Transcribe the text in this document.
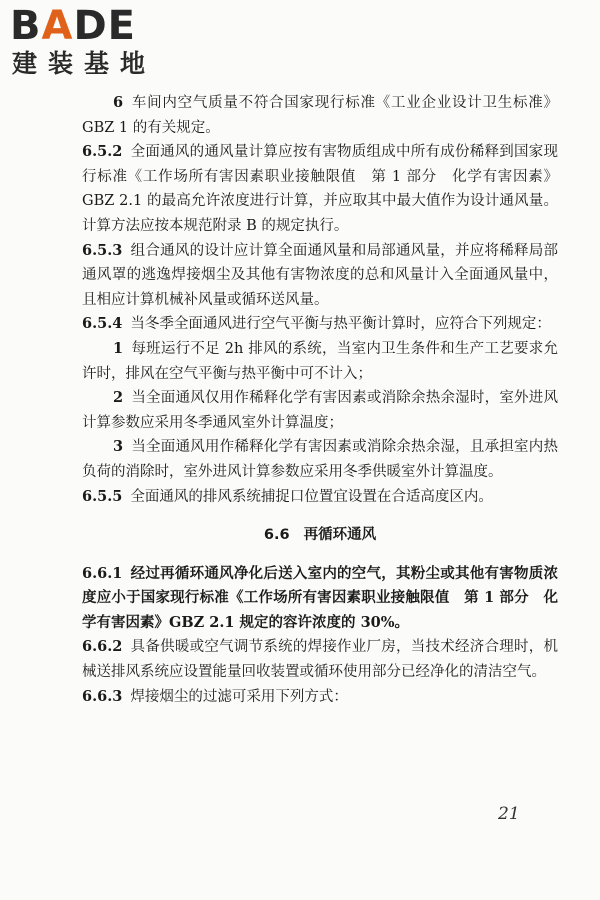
BADE
建装基地

6 车间内空气质量不符合国家现行标准《工业企业设计卫生标准》GBZ 1 的有关规定。

6.5.2 全面通风的通风量计算应按有害物质组成中所有成份稀释到国家现行标准《工作场所有害因素职业接触限值　第 1 部分　化学有害因素》GBZ 2.1 的最高允许浓度进行计算，并应取其中最大值作为设计通风量。计算方法应按本规范附录 B 的规定执行。

6.5.3 组合通风的设计应计算全面通风量和局部通风量，并应将稀释局部通风罩的逃逸焊接烟尘及其他有害物浓度的总和风量计入全面通风量中，且相应计算机械补风量或循环送风量。

6.5.4 当冬季全面通风进行空气平衡与热平衡计算时，应符合下列规定：

1 每班运行不足 2h 排风的系统，当室内卫生条件和生产工艺要求允许时，排风在空气平衡与热平衡中可不计入；

2 当全面通风仅用作稀释化学有害因素或消除余热余湿时，室外进风计算参数应采用冬季通风室外计算温度；

3 当全面通风用作稀释化学有害因素或消除余热余湿，且承担室内热负荷的消除时，室外进风计算参数应采用冬季供暖室外计算温度。

6.5.5 全面通风的排风系统捕捉口位置宜设置在合适高度区内。

6.6 再循环通风

6.6.1 经过再循环通风净化后送入室内的空气，其粉尘或其他有害物质浓度应小于国家现行标准《工作场所有害因素职业接触限值　第 1 部分　化学有害因素》GBZ 2.1 规定的容许浓度的 30%。

6.6.2 具备供暖或空气调节系统的焊接作业厂房，当技术经济合理时，机械送排风系统应设置能量回收装置或循环使用部分已经净化的清洁空气。

6.6.3 焊接烟尘的过滤可采用下列方式：

21
